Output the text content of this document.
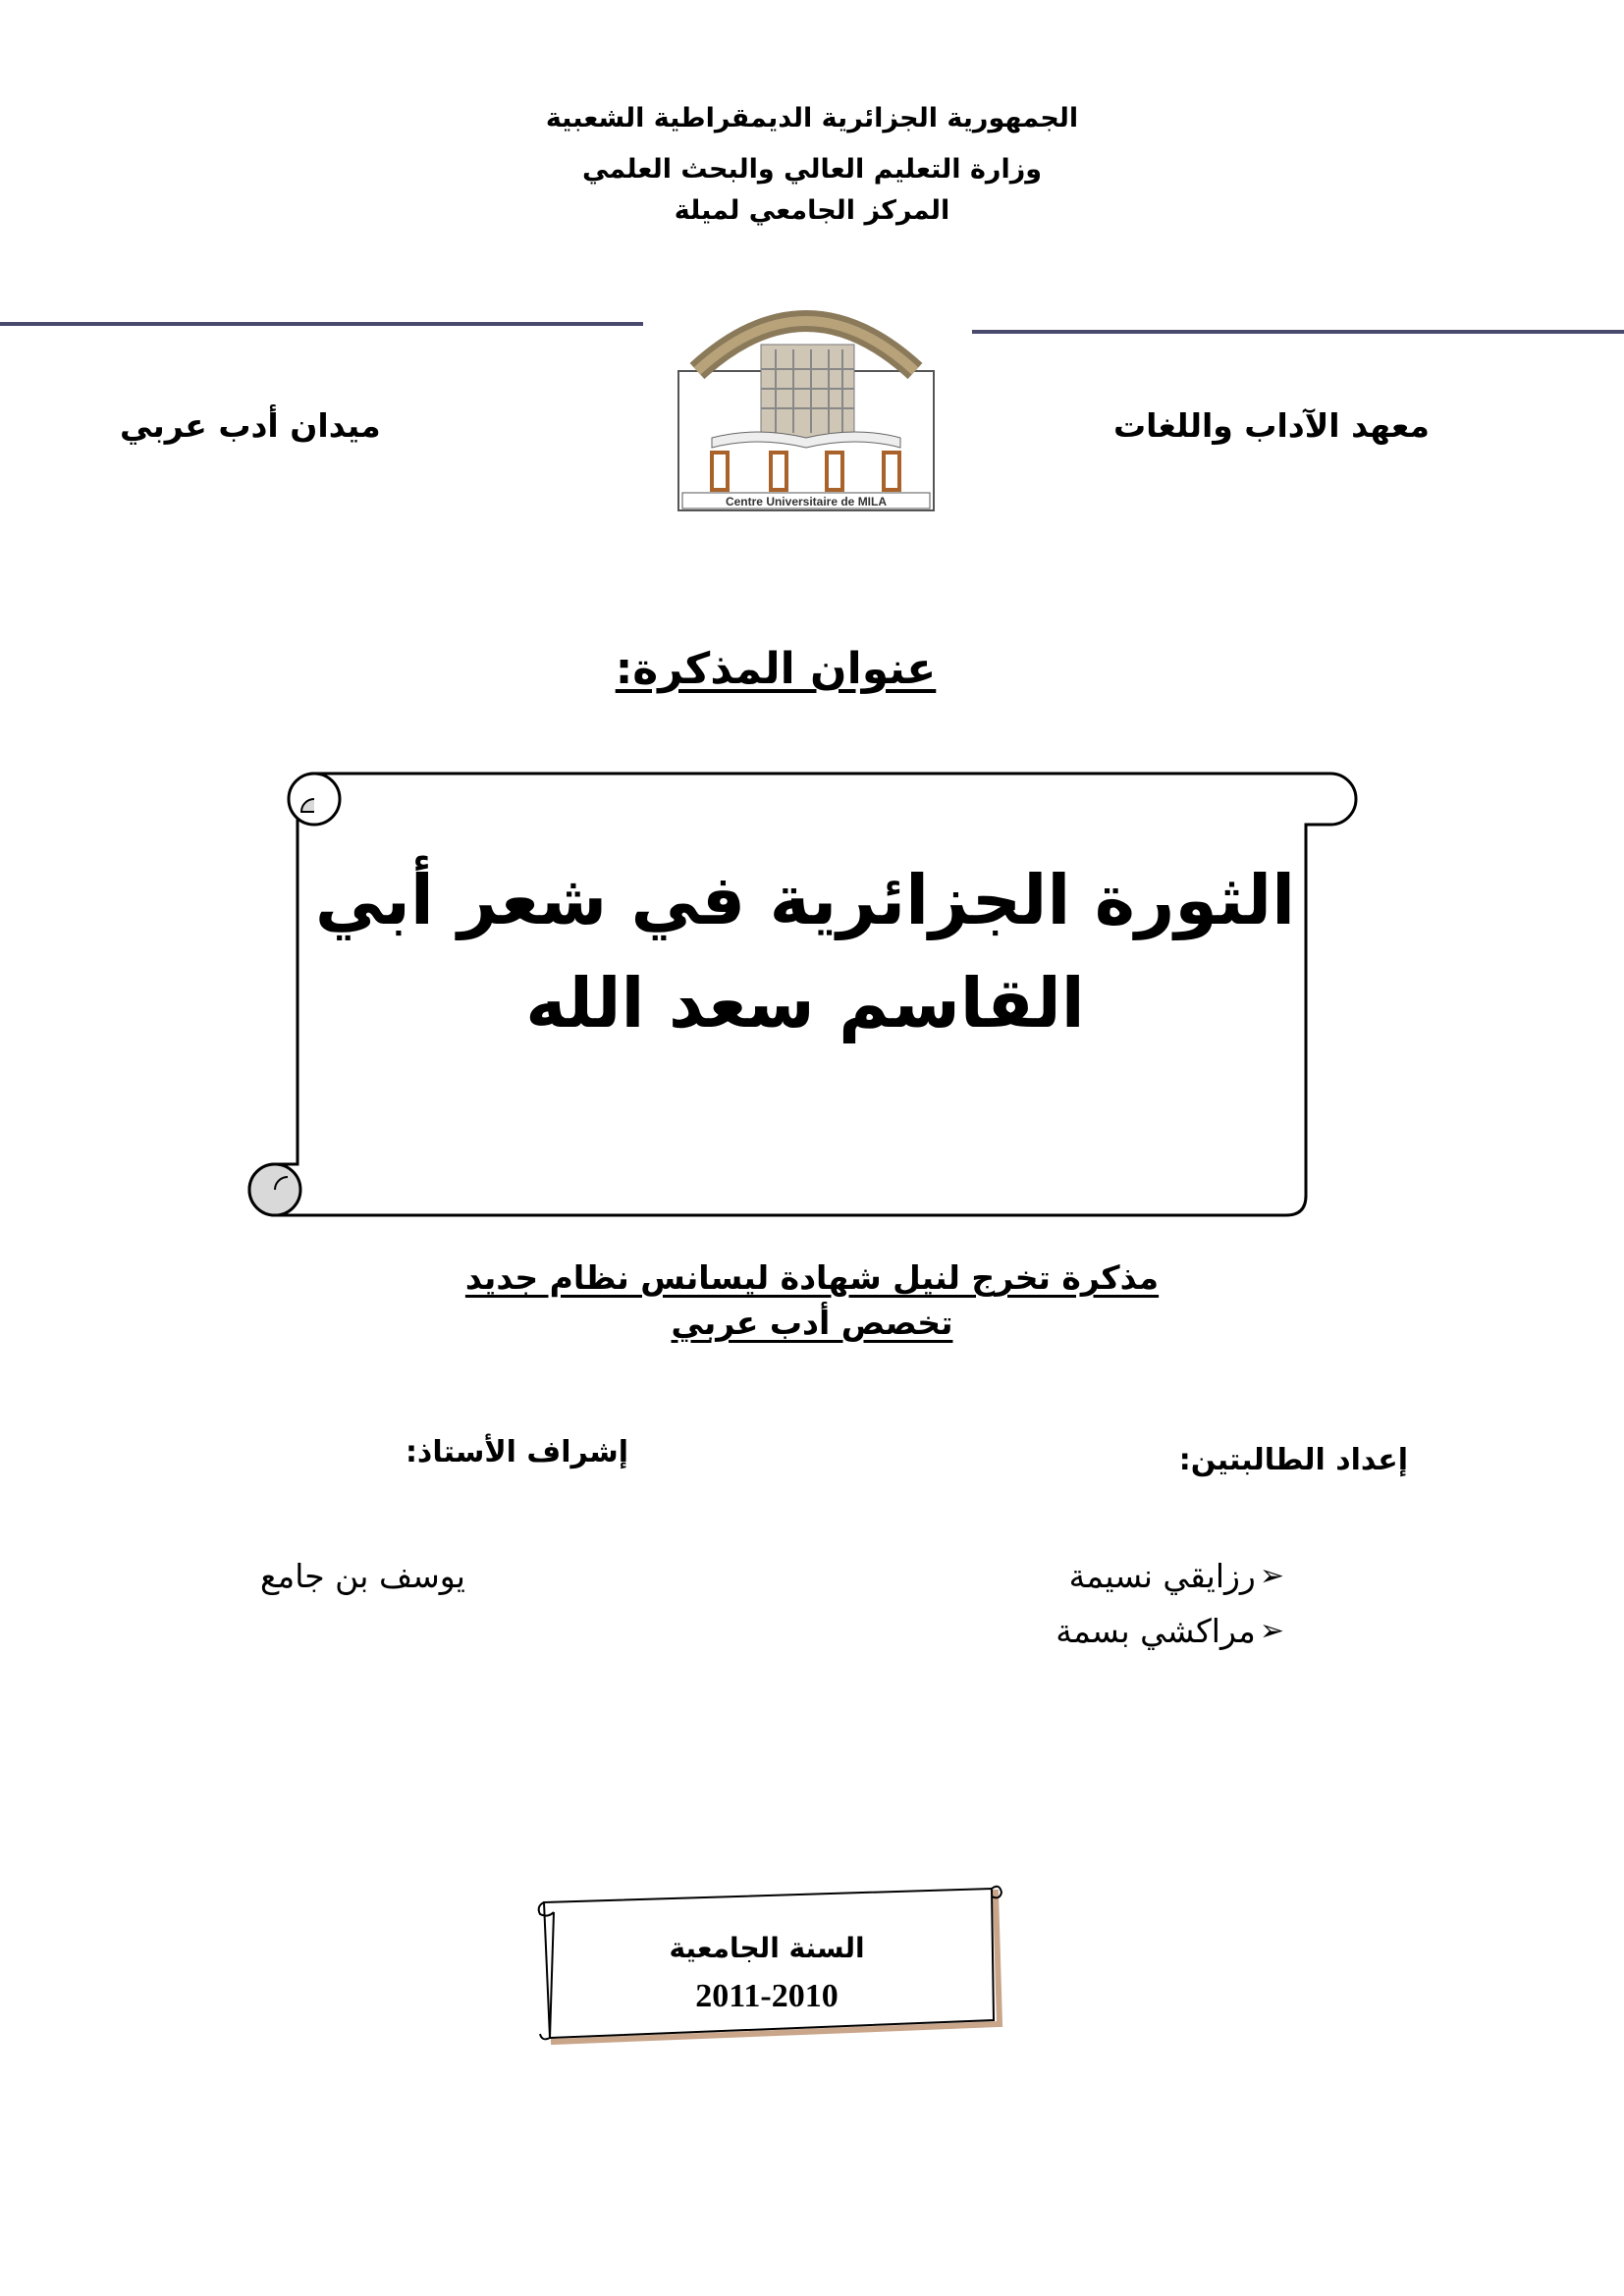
الجمهورية الجزائرية الديمقراطية الشعبية
وزارة التعليم العالي والبحث العلمي
المركز الجامعي لميلة
Centre Universitaire de MILA
معهد الآداب واللغات
ميدان أدب عربي
عنوان المذكرة:
الثورة الجزائرية في شعر أبي
القاسم سعد الله
مذكرة تخرج لنيل شهادة ليسانس نظام جديد
تخصص أدب عربي
إعداد الطالبتين:
إشراف الأستاذ:
➢
رزايقي نسيمة
➢
مراكشي بسمة
يوسف بن جامع
السنة الجامعية
2011-2010
